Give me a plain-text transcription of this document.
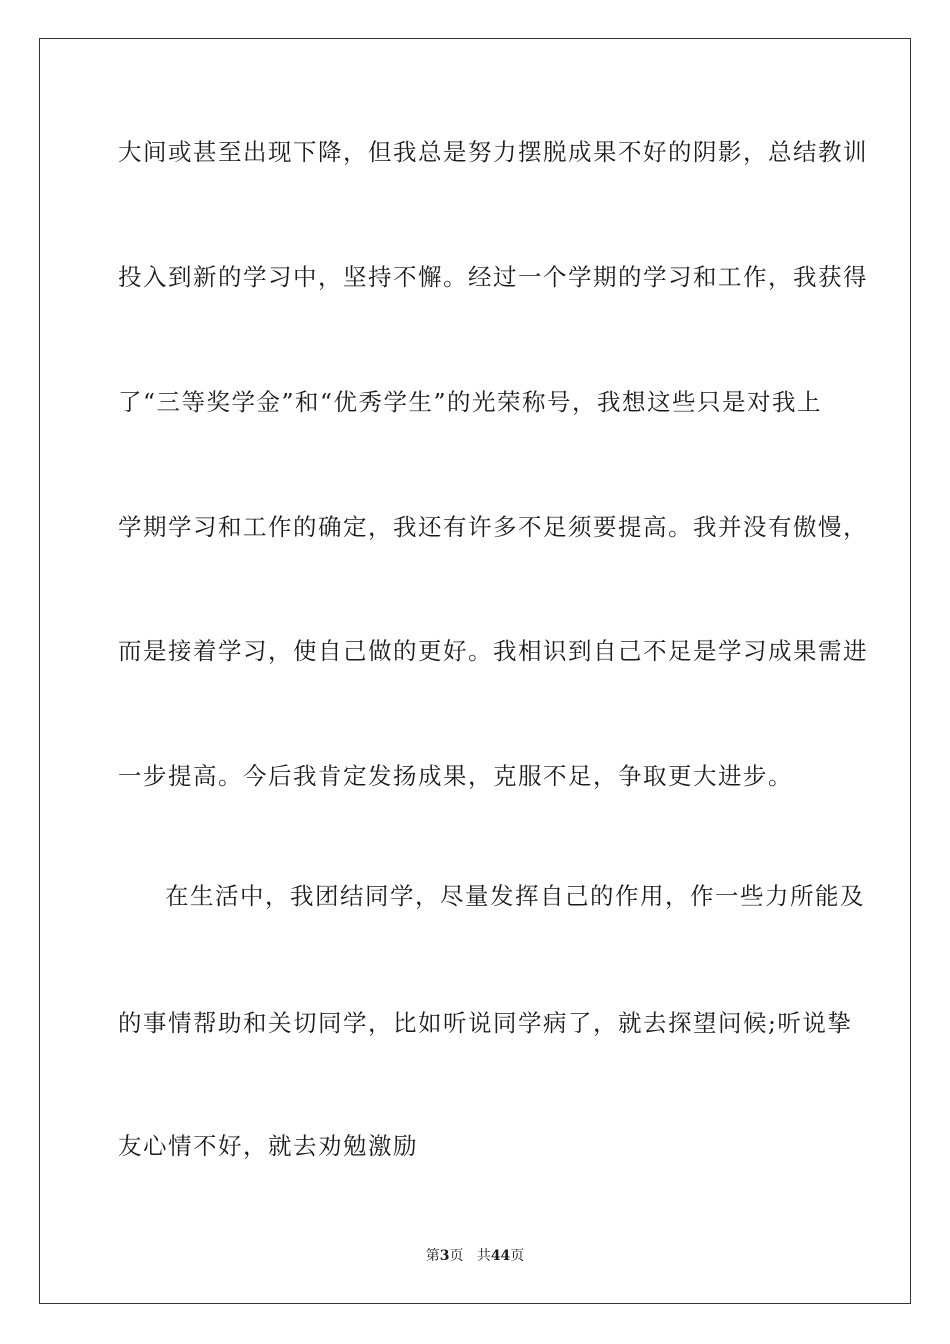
大间或甚至出现下降，但我总是努力摆脱成果不好的阴影，总结教训
投入到新的学习中，坚持不懈。经过一个学期的学习和工作，我获得
了“三等奖学金”和“优秀学生”的光荣称号，我想这些只是对我上
学期学习和工作的确定，我还有许多不足须要提高。我并没有傲慢，
而是接着学习，使自己做的更好。我相识到自己不足是学习成果需进
一步提高。今后我肯定发扬成果，克服不足，争取更大进步。
在生活中，我团结同学，尽量发挥自己的作用，作一些力所能及
的事情帮助和关切同学，比如听说同学病了，就去探望问候;听说挚
友心情不好，就去劝勉激励
第3页 共44页
